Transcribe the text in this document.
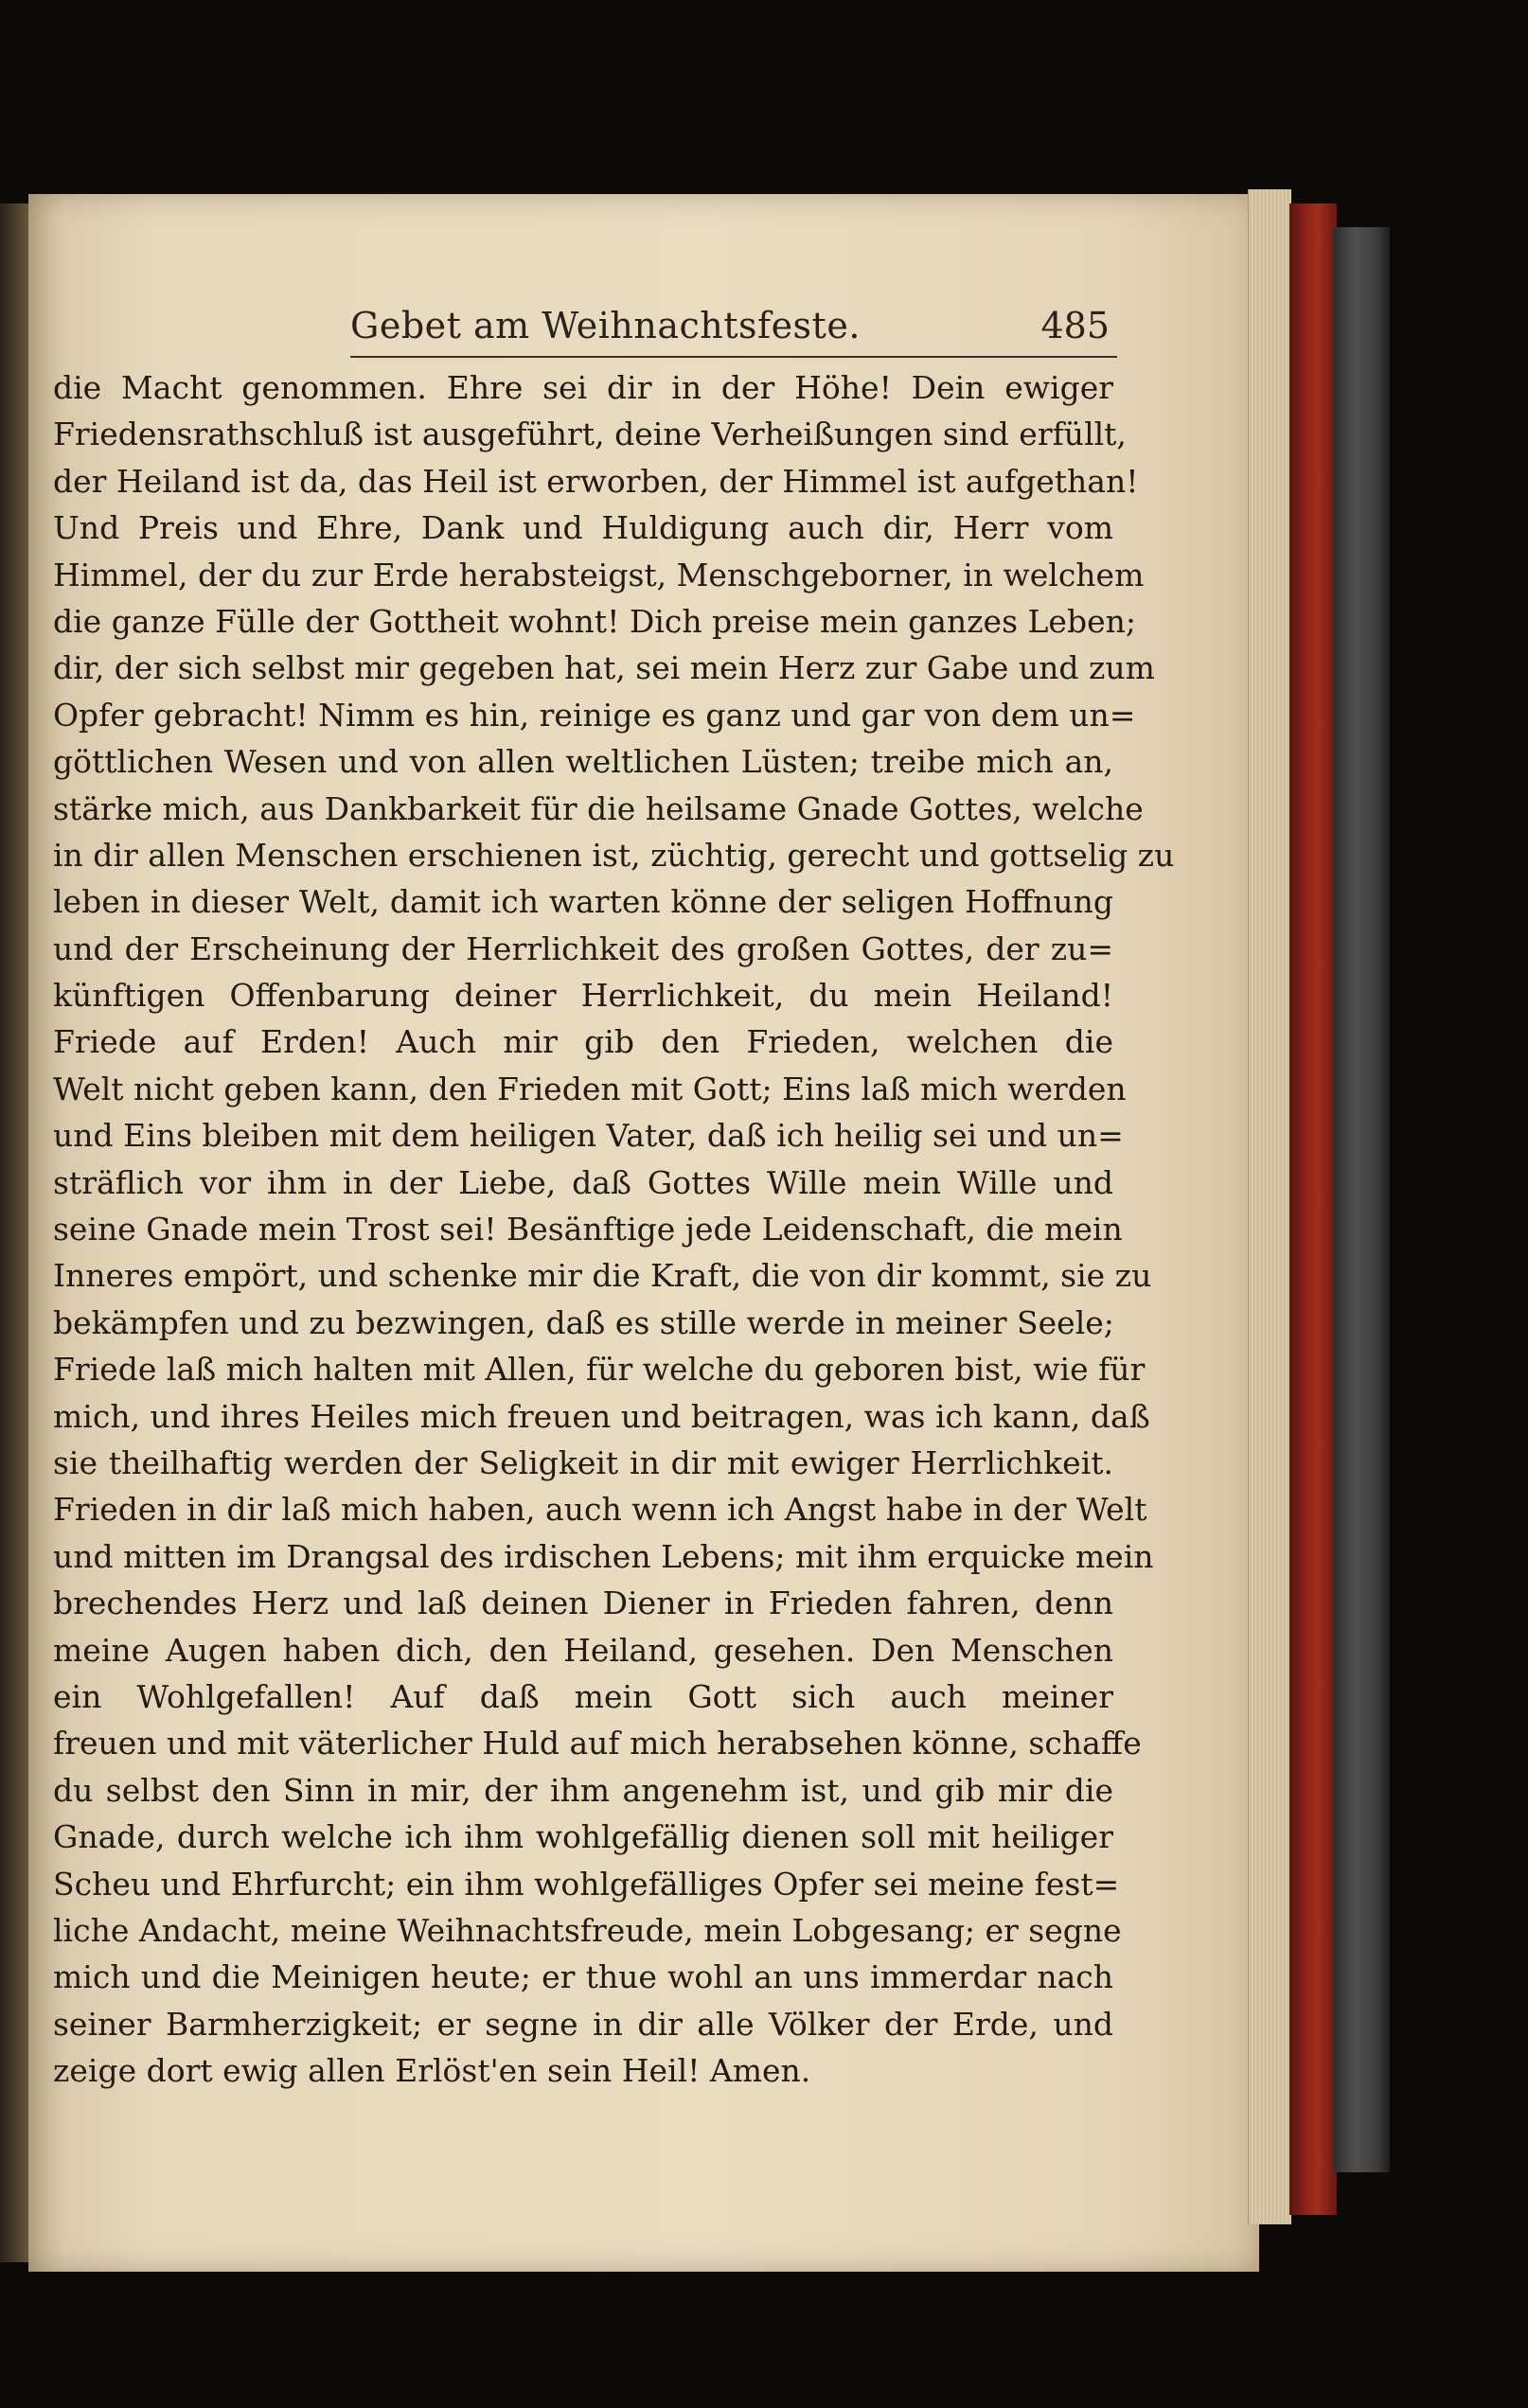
Gebet am Weihnachtsfeste.	485
die Macht genommen. Ehre sei dir in der Höhe! Dein ewiger
Friedensrathschluß ist ausgeführt, deine Verheißungen sind erfüllt,
der Heiland ist da, das Heil ist erworben, der Himmel ist aufgethan!
Und Preis und Ehre, Dank und Huldigung auch dir, Herr vom
Himmel, der du zur Erde herabsteigst, Menschgeborner, in welchem
die ganze Fülle der Gottheit wohnt! Dich preise mein ganzes Leben;
dir, der sich selbst mir gegeben hat, sei mein Herz zur Gabe und zum
Opfer gebracht! Nimm es hin, reinige es ganz und gar von dem un=
göttlichen Wesen und von allen weltlichen Lüsten; treibe mich an,
stärke mich, aus Dankbarkeit für die heilsame Gnade Gottes, welche
in dir allen Menschen erschienen ist, züchtig, gerecht und gottselig zu
leben in dieser Welt, damit ich warten könne der seligen Hoffnung
und der Erscheinung der Herrlichkeit des großen Gottes, der zu=
künftigen Offenbarung deiner Herrlichkeit, du mein Heiland!
Friede auf Erden! Auch mir gib den Frieden, welchen die
Welt nicht geben kann, den Frieden mit Gott; Eins laß mich werden
und Eins bleiben mit dem heiligen Vater, daß ich heilig sei und un=
sträflich vor ihm in der Liebe, daß Gottes Wille mein Wille und
seine Gnade mein Trost sei! Besänftige jede Leidenschaft, die mein
Inneres empört, und schenke mir die Kraft, die von dir kommt, sie zu
bekämpfen und zu bezwingen, daß es stille werde in meiner Seele;
Friede laß mich halten mit Allen, für welche du geboren bist, wie für
mich, und ihres Heiles mich freuen und beitragen, was ich kann, daß
sie theilhaftig werden der Seligkeit in dir mit ewiger Herrlichkeit.
Frieden in dir laß mich haben, auch wenn ich Angst habe in der Welt
und mitten im Drangsal des irdischen Lebens; mit ihm erquicke mein
brechendes Herz und laß deinen Diener in Frieden fahren, denn
meine Augen haben dich, den Heiland, gesehen. Den Menschen
ein Wohlgefallen! Auf daß mein Gott sich auch meiner
freuen und mit väterlicher Huld auf mich herabsehen könne, schaffe
du selbst den Sinn in mir, der ihm angenehm ist, und gib mir die
Gnade, durch welche ich ihm wohlgefällig dienen soll mit heiliger
Scheu und Ehrfurcht; ein ihm wohlgefälliges Opfer sei meine fest=
liche Andacht, meine Weihnachtsfreude, mein Lobgesang; er segne
mich und die Meinigen heute; er thue wohl an uns immerdar nach
seiner Barmherzigkeit; er segne in dir alle Völker der Erde, und
zeige dort ewig allen Erlöst'en sein Heil! Amen.
